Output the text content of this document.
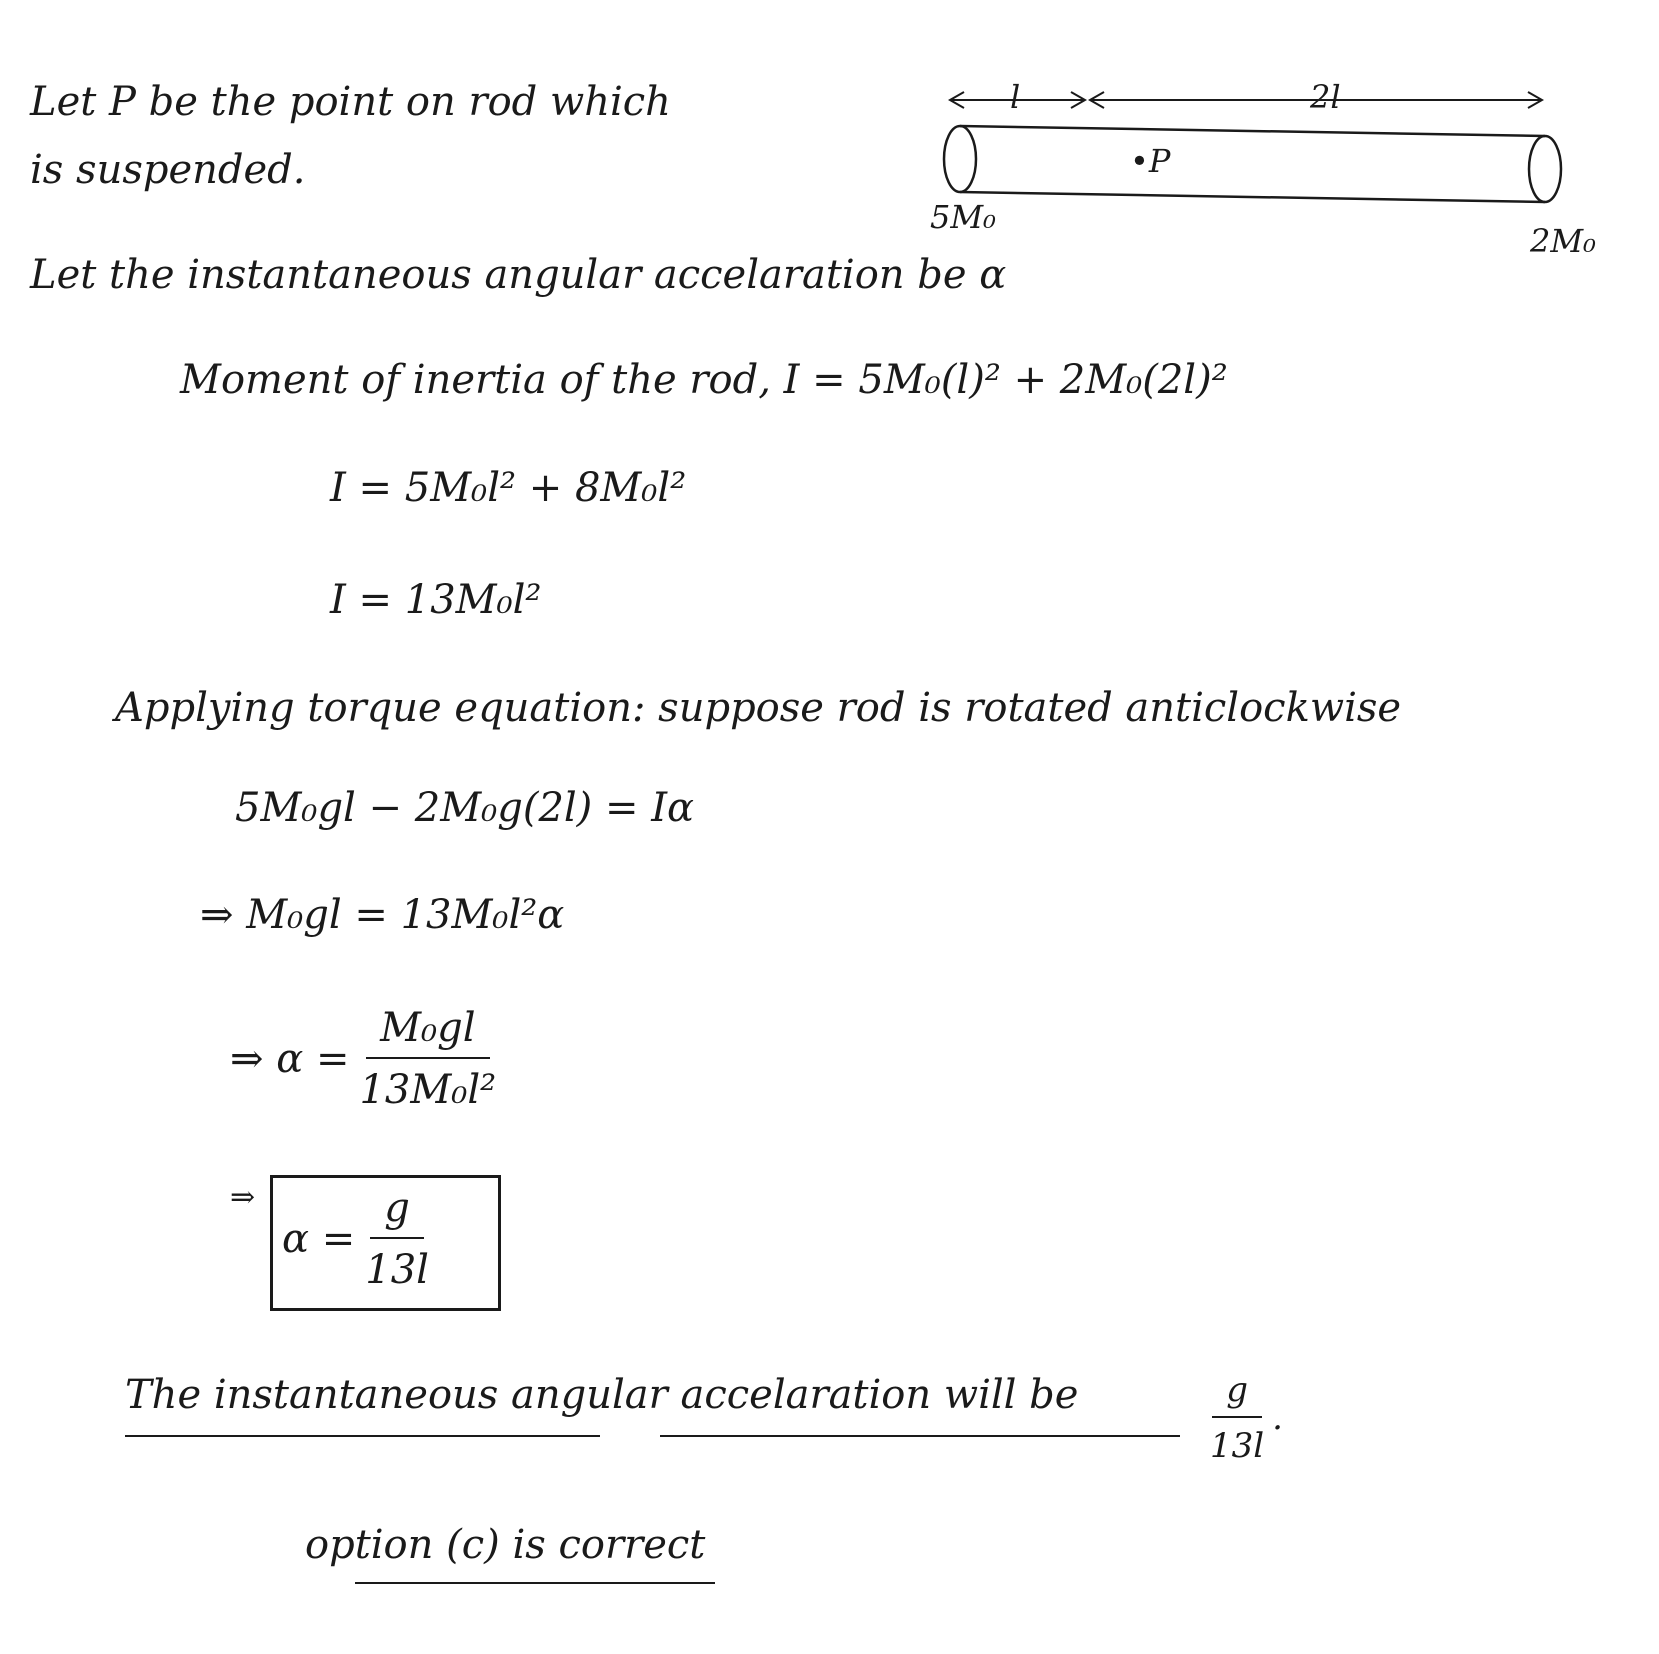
Let P be the point on rod which
is suspended.
l	2l
•P
5M₀
2M₀
Let the instantaneous angular accelaration be α
Moment of inertia of the rod, I = 5M₀(l)² + 2M₀(2l)²
I = 5M₀l² + 8M₀l²
I = 13M₀l²
Applying torque equation: suppose rod is rotated anticlockwise
5M₀gl − 2M₀g(2l) = Iα
⇒ M₀gl = 13M₀l²α
⇒ $\alpha = \frac{\text{M₀gl}}{\text{13M₀l²}}$
⇒
$\alpha = \frac{g}{13l}$
The instantaneous angular accelaration will be	$\frac{g}{13l}$ .
option (c) is correct
